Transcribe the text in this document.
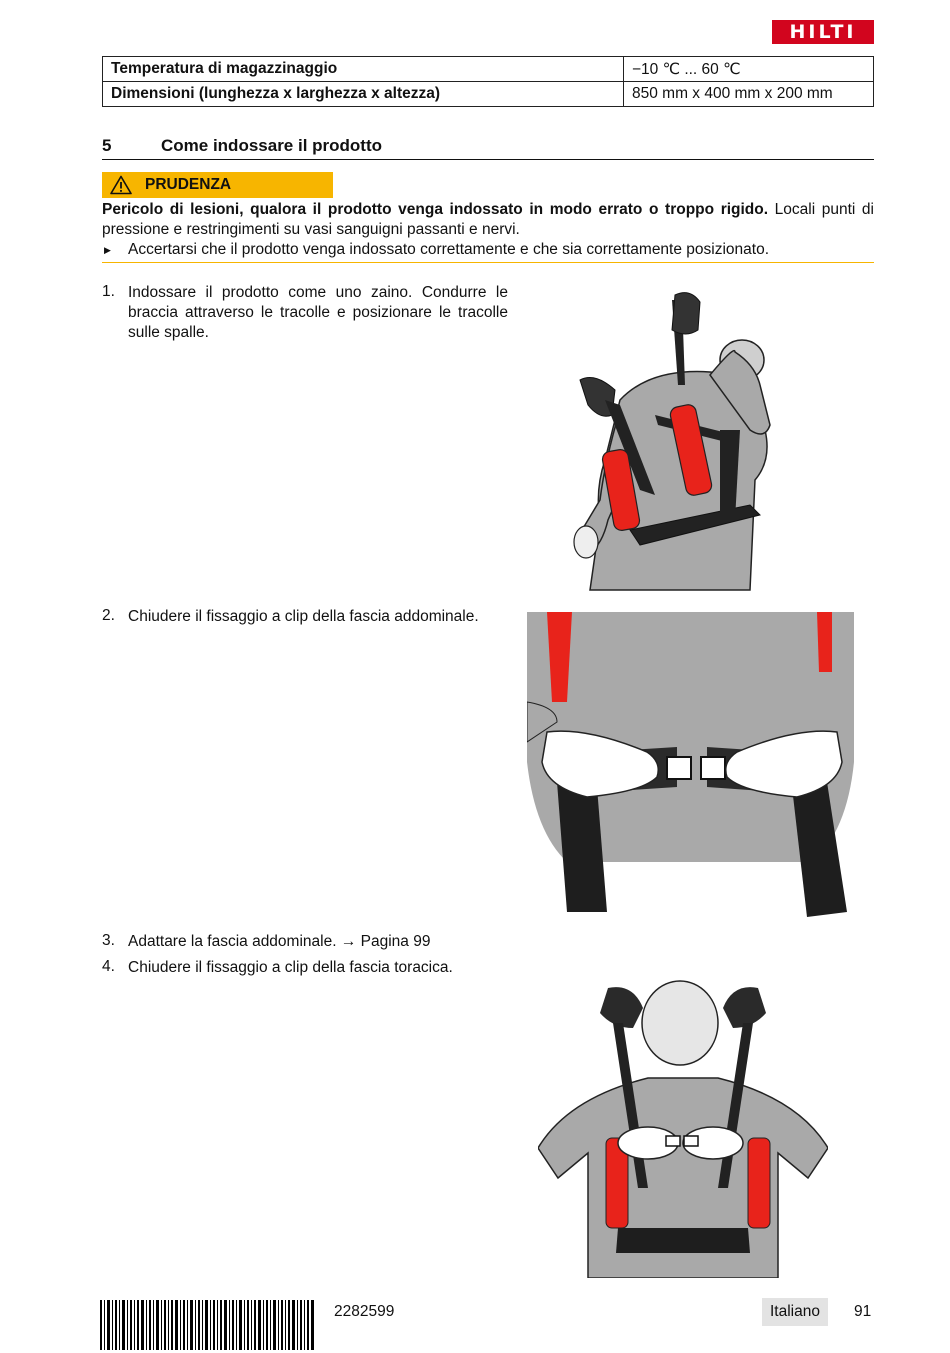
HILTI
Temperatura di magazzinaggio	−10 ℃ ... 60 ℃
Dimensioni (lunghezza x larghezza x altezza)	850 mm x 400 mm x 200 mm
5	Come indossare il prodotto
PRUDENZA

Pericolo di lesioni, qualora il prodotto venga indossato in modo errato o troppo rigido. Locali punti di pressione e restringimenti su vasi sanguigni passanti e nervi.

▶ Accertarsi che il prodotto venga indossato correttamente e che sia correttamente posizionato.
1. Indossare il prodotto come uno zaino. Condurre le braccia attraverso le tracolle e posizionare le tracolle sulle spalle.
2. Chiudere il fissaggio a clip della fascia addominale.
3. Adattare la fascia addominale. → Pagina 99
4. Chiudere il fissaggio a clip della fascia toracica.
2282599	Italiano	91
